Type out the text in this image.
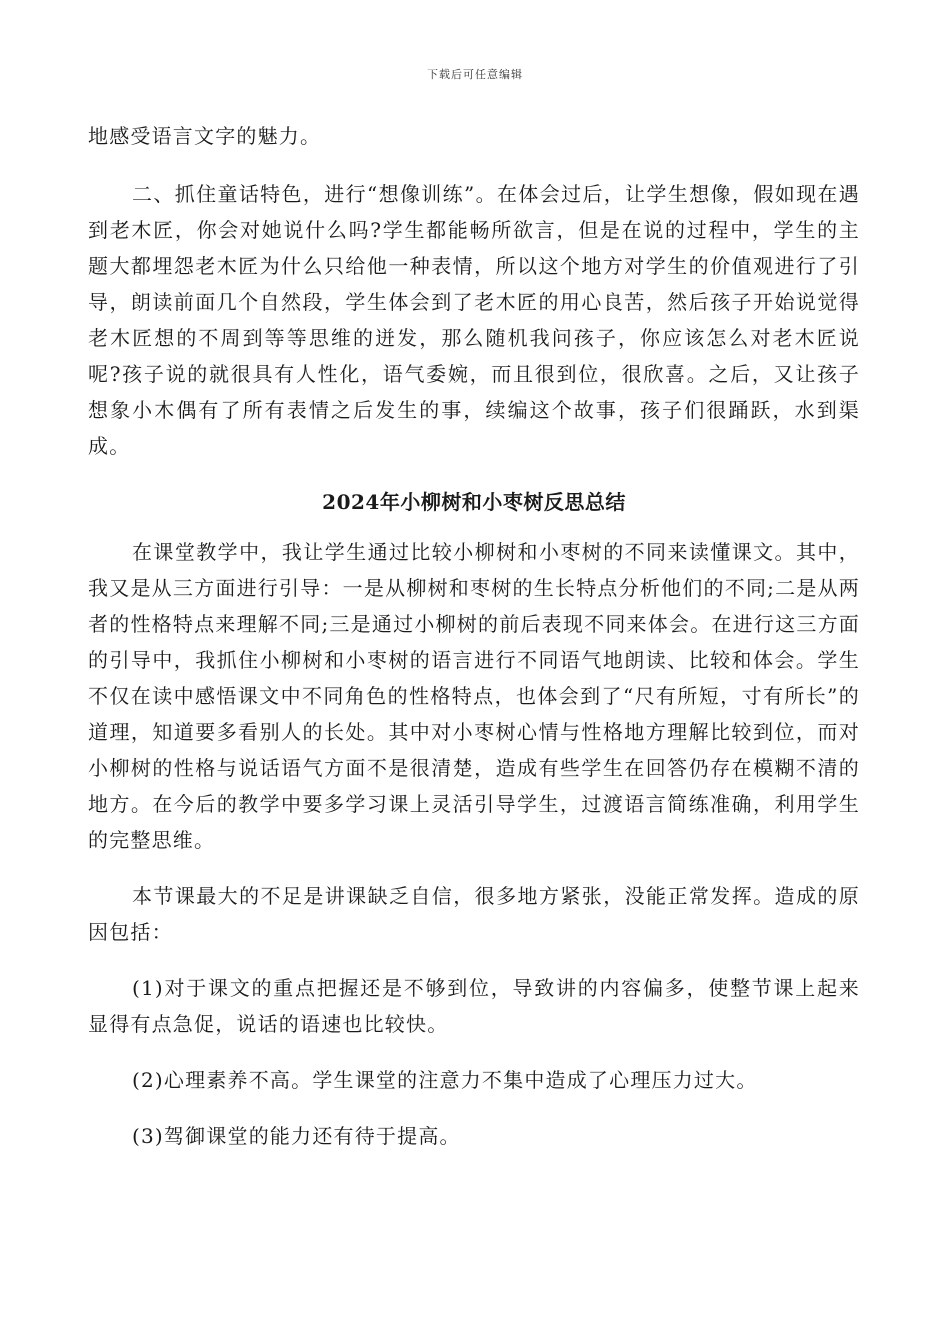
下载后可任意编辑

地感受语言文字的魅力。

二、抓住童话特色，进行“想像训练”。在体会过后，让学生想像，假如现在遇到老木匠，你会对她说什么吗?学生都能畅所欲言，但是在说的过程中，学生的主题大都埋怨老木匠为什么只给他一种表情，所以这个地方对学生的价值观进行了引导，朗读前面几个自然段，学生体会到了老木匠的用心良苦，然后孩子开始说觉得老木匠想的不周到等等思维的迸发，那么随机我问孩子，你应该怎么对老木匠说呢?孩子说的就很具有人性化，语气委婉，而且很到位，很欣喜。之后，又让孩子想象小木偶有了所有表情之后发生的事，续编这个故事，孩子们很踊跃，水到渠成。

2024年小柳树和小枣树反思总结

在课堂教学中，我让学生通过比较小柳树和小枣树的不同来读懂课文。其中，我又是从三方面进行引导：一是从柳树和枣树的生长特点分析他们的不同;二是从两者的性格特点来理解不同;三是通过小柳树的前后表现不同来体会。在进行这三方面的引导中，我抓住小柳树和小枣树的语言进行不同语气地朗读、比较和体会。学生不仅在读中感悟课文中不同角色的性格特点，也体会到了“尺有所短，寸有所长”的道理，知道要多看别人的长处。其中对小枣树心情与性格地方理解比较到位，而对小柳树的性格与说话语气方面不是很清楚，造成有些学生在回答仍存在模糊不清的地方。在今后的教学中要多学习课上灵活引导学生，过渡语言简练准确，利用学生的完整思维。

本节课最大的不足是讲课缺乏自信，很多地方紧张，没能正常发挥。造成的原因包括：

(1)对于课文的重点把握还是不够到位，导致讲的内容偏多，使整节课上起来显得有点急促，说话的语速也比较快。

(2)心理素养不高。学生课堂的注意力不集中造成了心理压力过大。

(3)驾御课堂的能力还有待于提高。
